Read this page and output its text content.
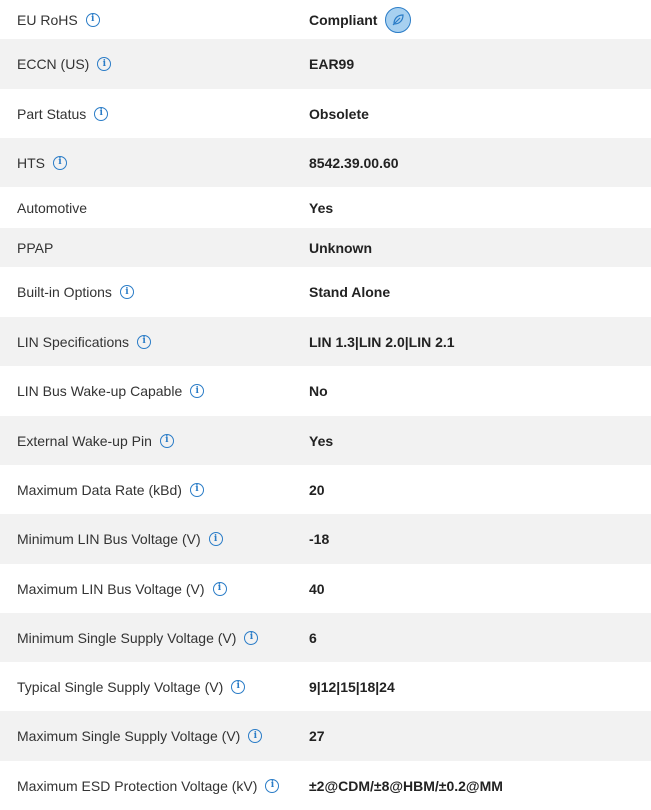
EU RoHS	i	Compliant
ECCN (US)	i	EAR99
Part Status	i	Obsolete
HTS	i	8542.39.00.60
Automotive	Yes
PPAP	Unknown
Built-in Options	i	Stand Alone
LIN Specifications	i	LIN 1.3|LIN 2.0|LIN 2.1
LIN Bus Wake-up Capable	i	No
External Wake-up Pin	i	Yes
Maximum Data Rate (kBd)	i	20
Minimum LIN Bus Voltage (V)	i	-18
Maximum LIN Bus Voltage (V)	i	40
Minimum Single Supply Voltage (V)	i	6
Typical Single Supply Voltage (V)	i	9|12|15|18|24
Maximum Single Supply Voltage (V)	i	27
Maximum ESD Protection Voltage (kV)	i	±2@CDM/±8@HBM/±0.2@MM
